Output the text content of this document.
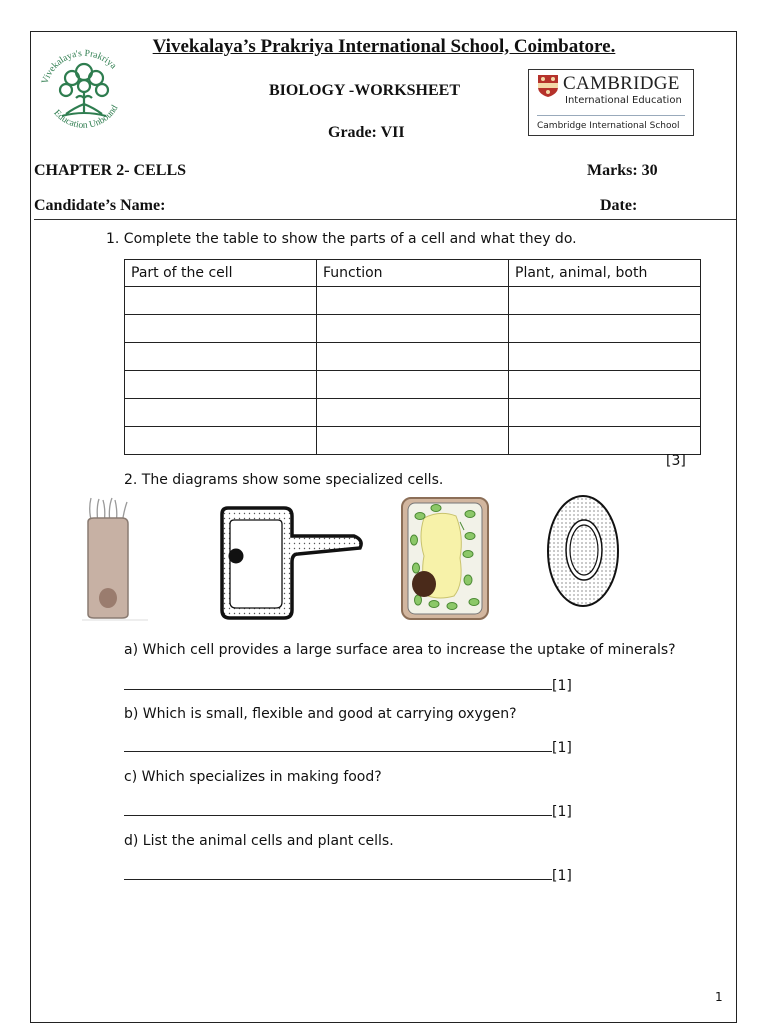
Vivekalaya's Prakriya
Education Unbound
Vivekalaya’s Prakriya International School, Coimbatore.
BIOLOGY -WORKSHEET
Grade: VII
CAMBRIDGE
International Education
Cambridge International School
CHAPTER 2- CELLS	Marks: 30
Candidate’s Name:	Date:
1. Complete the table to show the parts of a cell and what they do.
Part of the cell	Function	Plant, animal, both

[3]
2. The diagrams show some specialized cells.
a) Which cell provides a large surface area to increase the uptake of minerals?
[1]
b) Which is small, flexible and good at carrying oxygen?
[1]
c) Which specializes in making food?
[1]
d) List the animal cells and plant cells.
[1]
1
